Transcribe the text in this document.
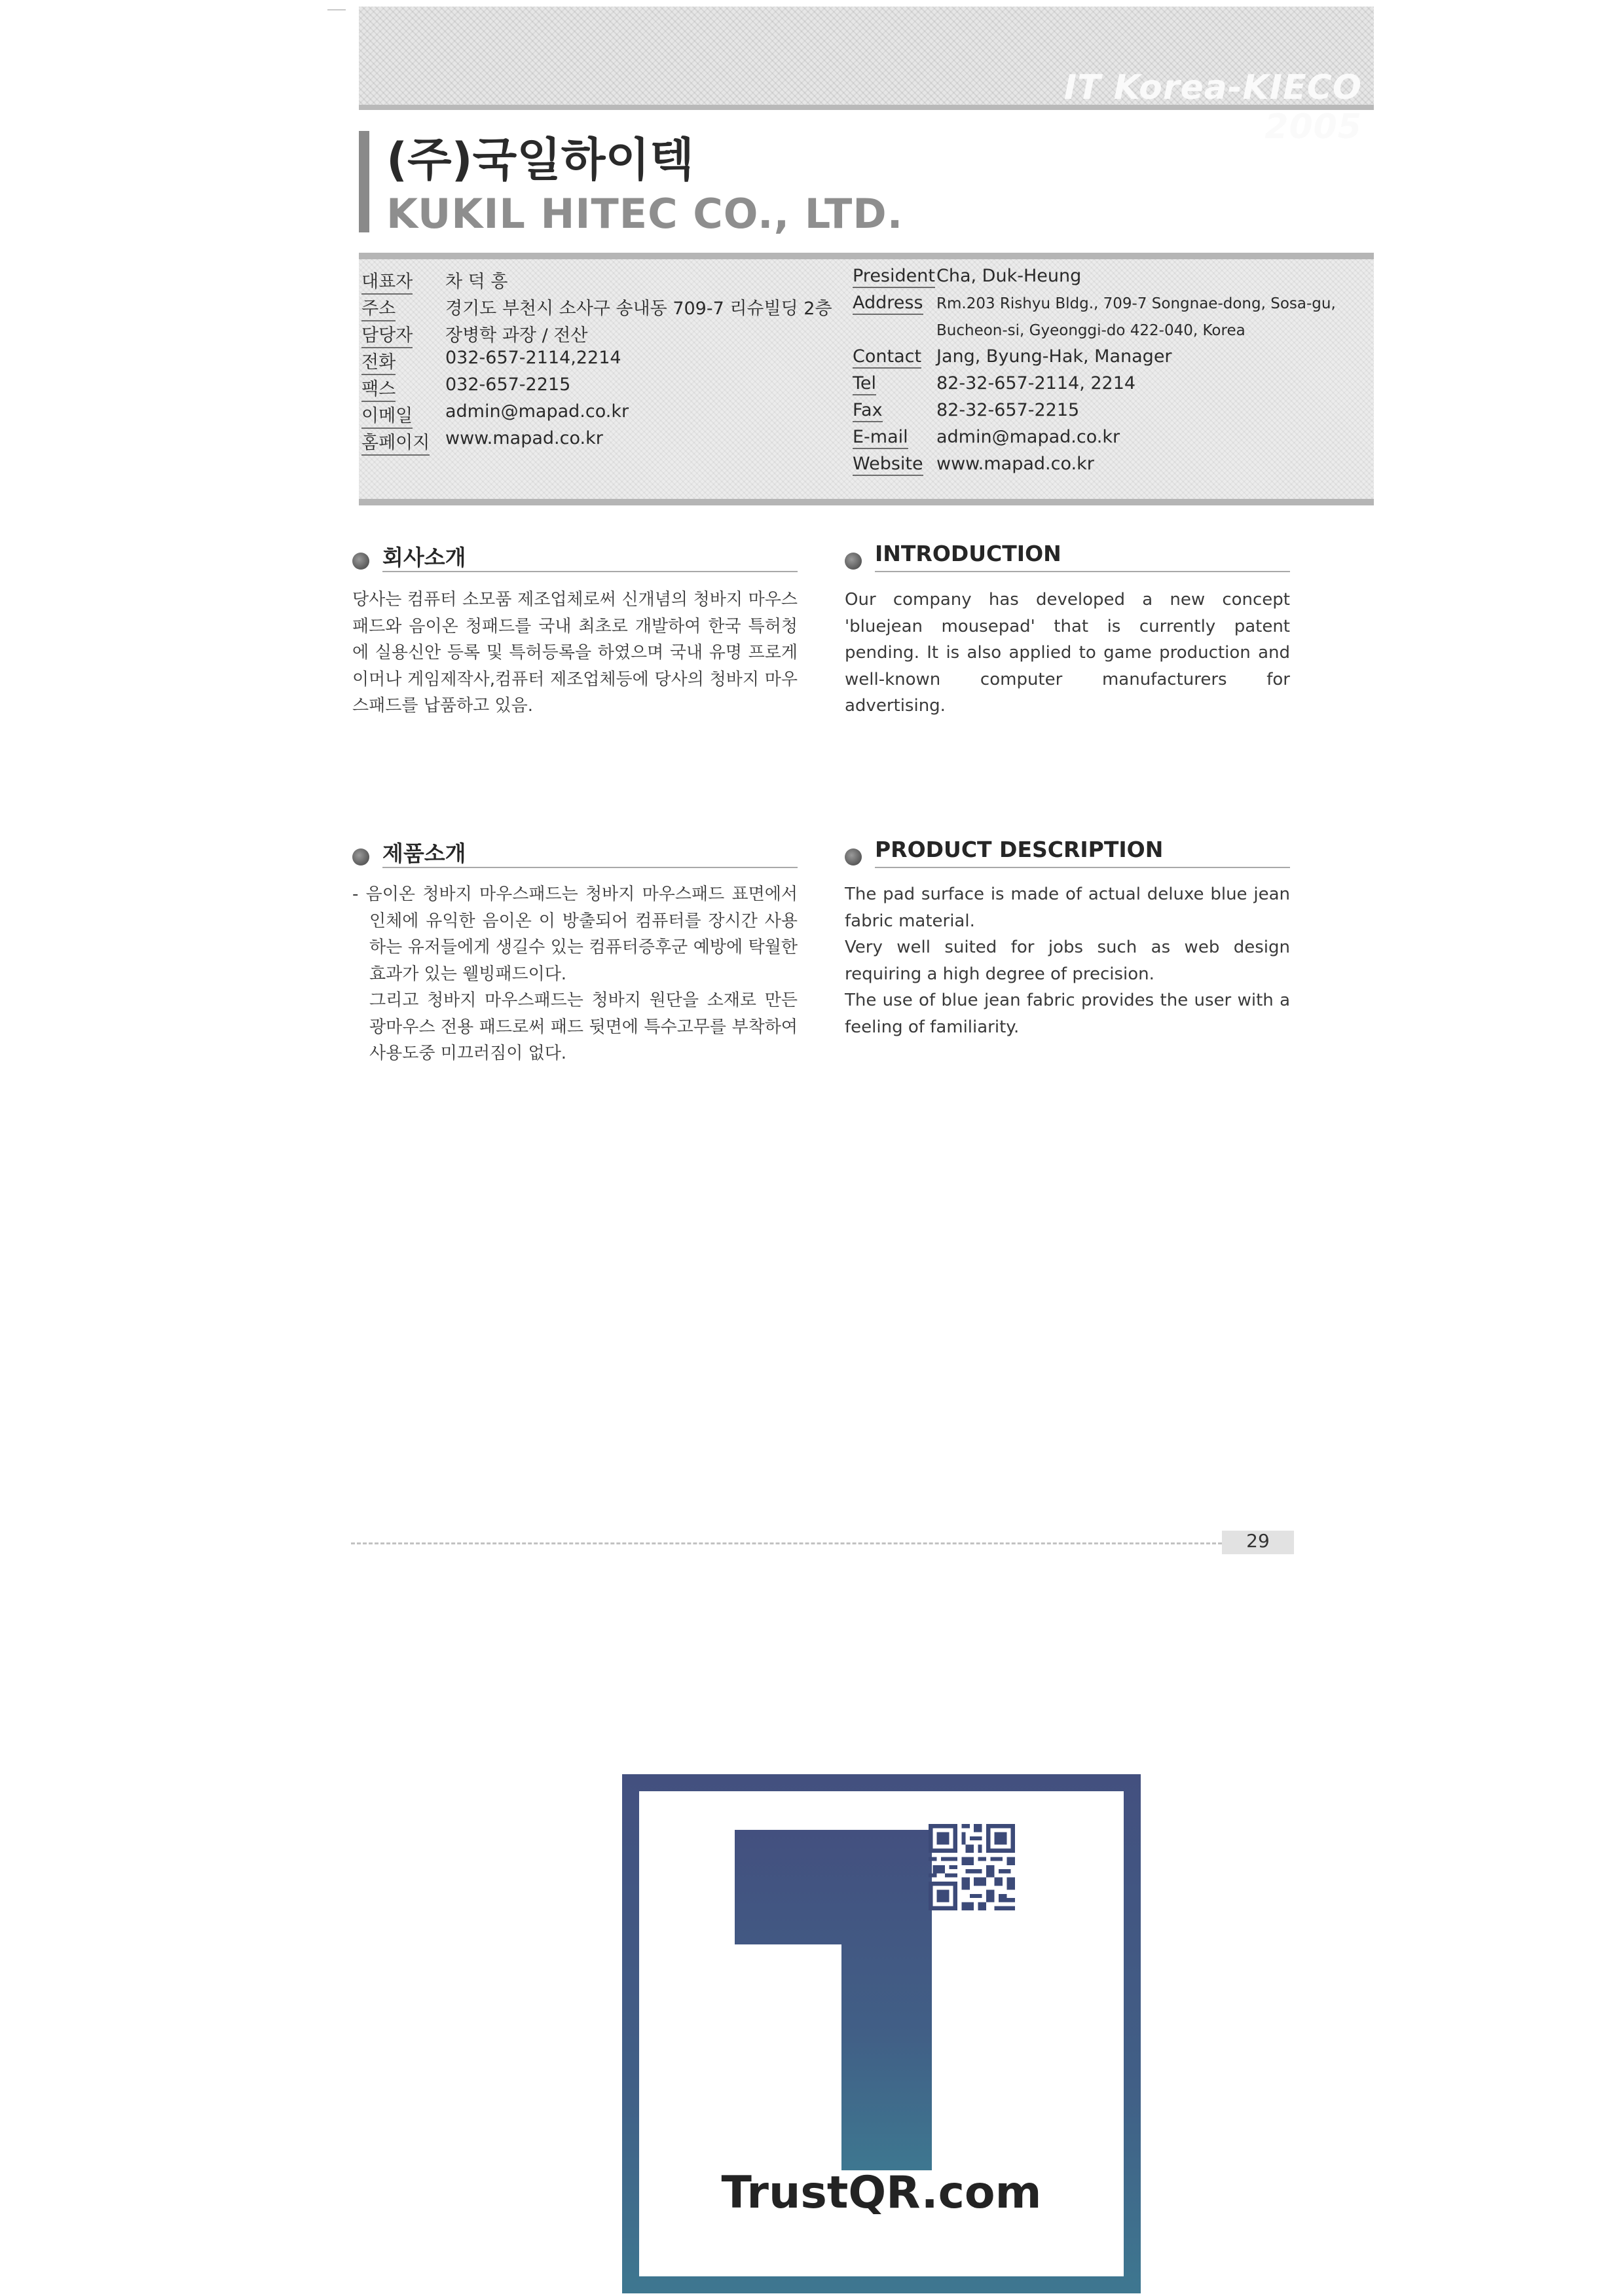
IT Korea-KIECO 2005
(주)국일하이텍
KUKIL HITEC CO., LTD.
대표자 차 덕 흥
주소	경기도 부천시 소사구 송내동 709-7 리슈빌딩 2층
담당자 장병학 과장 / 전산
전화	032-657-2114,2214
팩스	032-657-2215
이메일 admin@mapad.co.kr
홈페이지 www.mapad.co.kr
President Cha, Duk-Heung
Address Rm.203 Rishyu Bldg., 709-7 Songnae-dong, Sosa-gu,
Bucheon-si, Gyeonggi-do 422-040, Korea
Contact Jang, Byung-Hak, Manager
Tel	82-32-657-2114, 2214
Fax	82-32-657-2215
E-mail admin@mapad.co.kr
Website www.mapad.co.kr
회사소개

당사는 컴퓨터 소모품 제조업체로써 신개념의 청바지 마우스패드와 음이온 청패드를 국내 최초로 개발하여 한국 특허청에 실용신안 등록 및 특허등록을 하였으며 국내 유명 프로게이머나 게임제작사,컴퓨터 제조업체등에 당사의 청바지 마우스패드를 납품하고 있음.

INTRODUCTION

Our company has developed a new concept 'bluejean mousepad' that is currently patent pending. It is also applied to game production and well-known computer manufacturers for advertising.

제품소개

- 음이온 청바지 마우스패드는 청바지 마우스패드 표면에서 인체에 유익한 음이온 이 방출되어 컴퓨터를 장시간 사용하는 유저들에게 생길수 있는 컴퓨터증후군 예방에 탁월한 효과가 있는 웰빙패드이다.

그리고 청바지 마우스패드는 청바지 원단을 소재로 만든 광마우스 전용 패드로써 패드 뒷면에 특수고무를 부착하여 사용도중 미끄러짐이 없다.

PRODUCT DESCRIPTION

The pad surface is made of actual deluxe blue jean fabric material.

Very well suited for jobs such as web design requiring a high degree of precision.

The use of blue jean fabric provides the user with a feeling of familiarity.

29
TrustQR.com
